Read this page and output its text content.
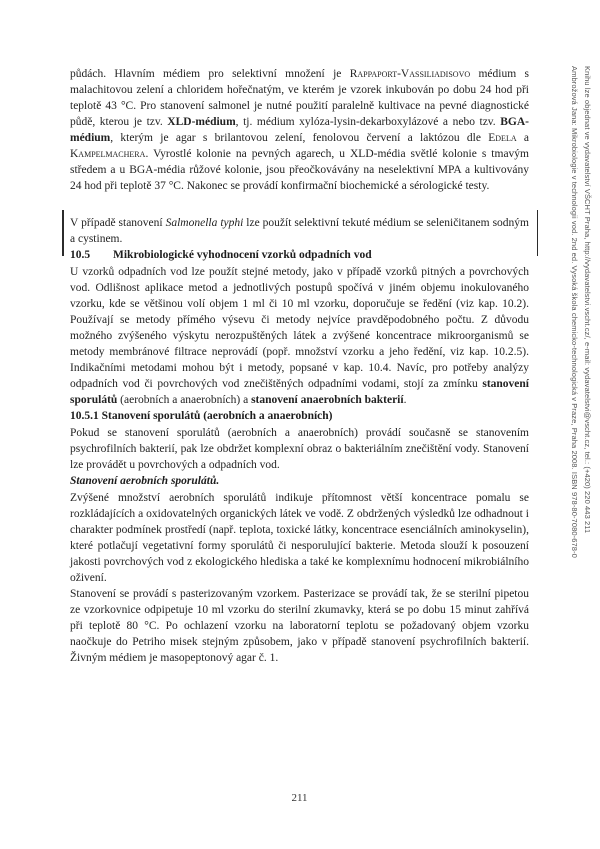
půdách. Hlavním médiem pro selektivní množení je Rappaport-Vassiliadisovo médium s malachitovou zelení a chloridem hořečnatým, ve kterém je vzorek inkubován po dobu 24 hod při teplotě 43 °C. Pro stanovení salmonel je nutné použití paralelně kultivace na pevné diagnostické půdě, kterou je tzv. XLD-médium, tj. médium xylóza-lysin-dekarboxylázové a nebo tzv. BGA-médium, kterým je agar s brilantovou zelení, fenolovou červení a laktózou dle Edela a Kampelmachera. Vyrostlé kolonie na pevných agarech, u XLD-média světlé kolonie s tmavým středem a u BGA-média růžové kolonie, jsou přeočkovávány na neselektivní MPA a kultivovány 24 hod při teplotě 37 °C. Nakonec se provádí konfirmační biochemické a sérologické testy.

V případě stanovení Salmonella typhi lze použít selektivní tekuté médium se seleničitanem sodným a cystinem.

10.5 Mikrobiologické vyhodnocení vzorků odpadních vod

U vzorků odpadních vod lze použít stejné metody, jako v případě vzorků pitných a povrchových vod. Odlišnost aplikace metod a jednotlivých postupů spočívá v jiném objemu inokulovaného vzorku, kde se většinou volí objem 1 ml či 10 ml vzorku, doporučuje se ředění (viz kap. 10.2). Používají se metody přímého výsevu či metody nejvíce pravděpodobného počtu. Z důvodu možného zvýšeného výskytu nerozpuštěných látek a zvýšené koncentrace mikroorganismů se metody membránové filtrace neprovádí (popř. množství vzorku a jeho ředění, viz kap. 10.2.5). Indikačními metodami mohou být i metody, popsané v kap. 10.4. Navíc, pro potřeby analýzy odpadních vod či povrchových vod znečištěných odpadními vodami, stojí za zmínku stanovení sporulátů (aerobních a anaerobních) a stanovení anaerobních bakterií.

10.5.1 Stanovení sporulátů (aerobních a anaerobních)

Pokud se stanovení sporulátů (aerobních a anaerobních) provádí současně se stanovením psychrofilních bakterií, pak lze obdržet komplexní obraz o bakteriálním znečištění vody. Stanovení lze provádět u povrchových a odpadních vod.

Stanovení aerobních sporulátů.

Zvýšené množství aerobních sporulátů indikuje přítomnost větší koncentrace pomalu se rozkládajících a oxidovatelných organických látek ve vodě. Z obdržených výsledků lze odhadnout i charakter podmínek prostředí (např. teplota, toxické látky, koncentrace esenciálních aminokyselin), které potlačují vegetativní formy sporulátů či nesporulující bakterie. Metoda slouží k posouzení jakosti povrchových vod z ekologického hlediska a také ke komplexnímu hodnocení mikrobiálního oživení.

Stanovení se provádí s pasterizovaným vzorkem. Pasterizace se provádí tak, že se sterilní pipetou ze vzorkovnice odpipetuje 10 ml vzorku do sterilní zkumavky, která se po dobu 15 minut zahřívá při teplotě 80 °C. Po ochlazení vzorku na laboratorní teplotu se požadovaný objem vzorku naočkuje do Petriho misek stejným způsobem, jako v případě stanovení psychrofilních bakterií. Živným médiem je masopeptonový agar č. 1.

211
Ambrožová Jana: Mikrobiologie v technologii vod. 2nd ed. Vysoká škola chemicko-technologická v Praze, Praha 2008. ISBN 978-80-7080-678-0 Knihu lze objednat ve vydavatelství VŠCHT Praha, http://vydavatelstvi.vscht.cz/, e-mail: vydavatelstvi@vscht.cz, tel.: (+420) 220 443 211
